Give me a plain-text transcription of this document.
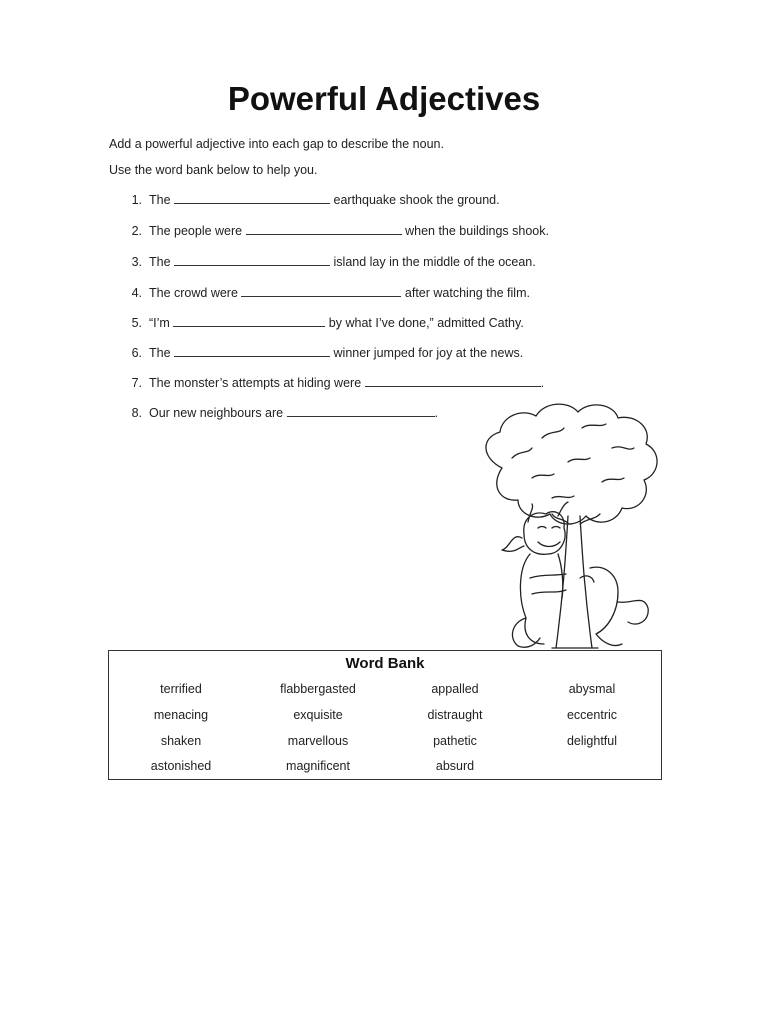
Powerful Adjectives
Add a powerful adjective into each gap to describe the noun.
Use the word bank below to help you.
1. The	earthquake shook the ground.
2. The people were	when the buildings shook.
3. The	island lay in the middle of the ocean.
4. The crowd were	after watching the film.
5. “I’m	by what I’ve done,” admitted Cathy.
6. The	winner jumped for joy at the news.
7. The monster’s attempts at hiding were	.
8. Our new neighbours are	.
Word Bank
terrified	flabbergasted	appalled	abysmal
menacing	exquisite	distraught	eccentric
shaken	marvellous	pathetic	delightful
astonished	magnificent	absurd
